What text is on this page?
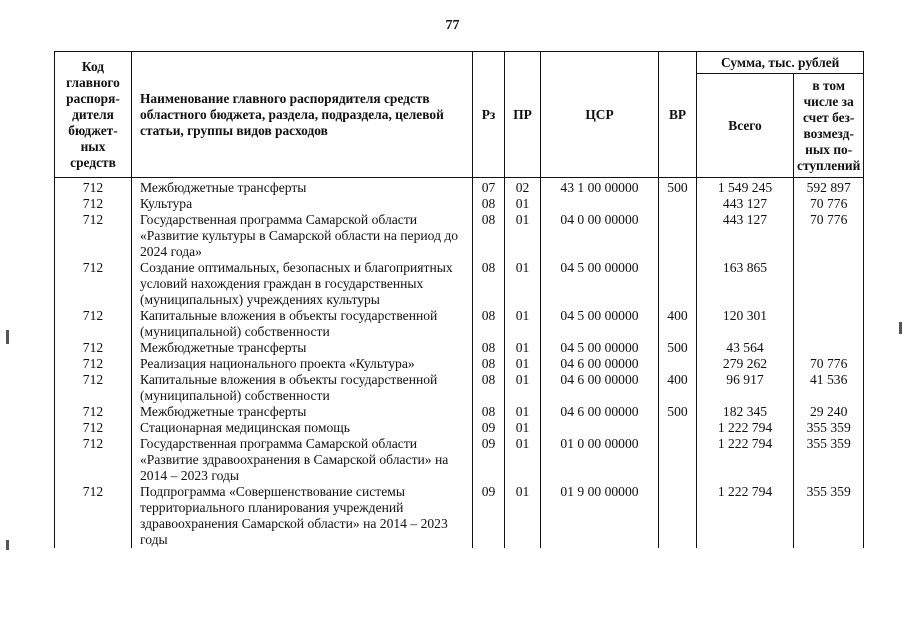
77
Код главного распоря-дителя бюджет-ных средств	Наименование главного распорядителя средств областного бюджета, раздела, подраздела, целевой статьи, группы видов расходов	Рз	ПР	ЦСР	ВР	Сумма, тыс. рублей	
						Всего	в том числе за счет без-возмезд-ных по-ступлений

712	Межбюджетные трансферты	07	02	43 1 00 00000	500	1 549 245	592 897
712	Культура	08	01			443 127	70 776
712	Государственная программа Самарской области «Развитие культуры в Самарской области на период до 2024 года»	08	01	04 0 00 00000		443 127	70 776
712	Создание оптимальных, безопасных и благоприятных условий нахождения граждан в государственных (муниципальных) учреждениях культуры	08	01	04 5 00 00000		163 865	
712	Капитальные вложения в объекты государственной (муниципальной) собственности	08	01	04 5 00 00000	400	120 301	
712	Межбюджетные трансферты	08	01	04 5 00 00000	500	43 564	
712	Реализация национального проекта «Культура»	08	01	04 6 00 00000		279 262	70 776
712	Капитальные вложения в объекты государственной (муниципальной) собственности	08	01	04 6 00 00000	400	96 917	41 536
712	Межбюджетные трансферты	08	01	04 6 00 00000	500	182 345	29 240
712	Стационарная медицинская помощь	09	01			1 222 794	355 359
712	Государственная программа Самарской области «Развитие здравоохранения в Самарской области» на 2014 – 2023 годы	09	01	01 0 00 00000		1 222 794	355 359
712	Подпрограмма «Совершенствование системы территориального планирования учреждений здравоохранения Самарской области» на 2014 – 2023 годы	09	01	01 9 00 00000		1 222 794	355 359
